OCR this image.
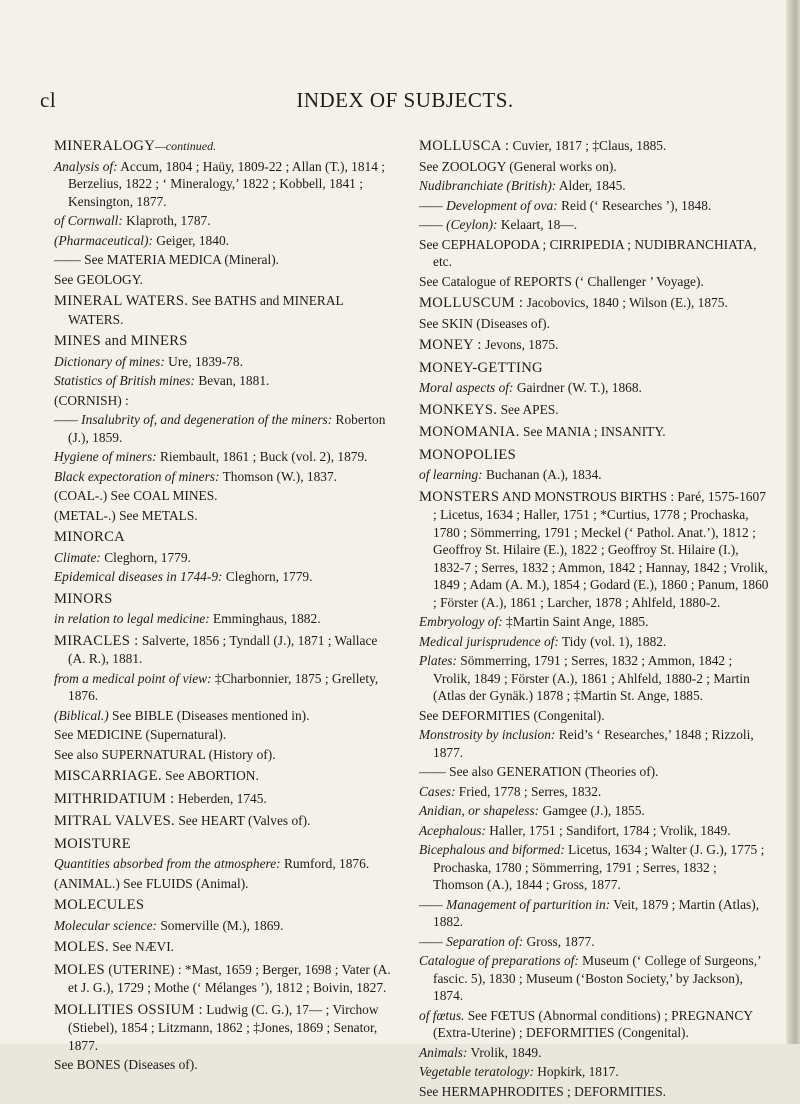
cl	INDEX OF SUBJECTS.
MINERALOGY—continued.
Analysis of: Accum, 1804 ; Haüy, 1809-22 ; Allan (T.), 1814 ; Berzelius, 1822 ; ‘ Mineralogy,’ 1822 ; Kobbell, 1841 ; Kensington, 1877.
of Cornwall: Klaproth, 1787.
(Pharmaceutical): Geiger, 1840.
—— See MATERIA MEDICA (Mineral).
See GEOLOGY.
MINERAL WATERS. See BATHS and MINERAL WATERS.
MINES and MINERS
Dictionary of mines: Ure, 1839-78.
Statistics of British mines: Bevan, 1881.
(CORNISH) :
—— Insalubrity of, and degeneration of the miners: Roberton (J.), 1859.
Hygiene of miners: Riembault, 1861 ; Buck (vol. 2), 1879.
Black expectoration of miners: Thomson (W.), 1837.
(COAL-.) See COAL MINES.
(METAL-.) See METALS.
MINORCA
Climate: Cleghorn, 1779.
Epidemical diseases in 1744-9: Cleghorn, 1779.
MINORS
in relation to legal medicine: Emminghaus, 1882.
MIRACLES : Salverte, 1856 ; Tyndall (J.), 1871 ; Wallace (A. R.), 1881.
from a medical point of view: ‡Charbonnier, 1875 ; Grellety, 1876.
(Biblical.) See BIBLE (Diseases mentioned in).
See MEDICINE (Supernatural).
See also SUPERNATURAL (History of).
MISCARRIAGE. See ABORTION.
MITHRIDATIUM : Heberden, 1745.
MITRAL VALVES. See HEART (Valves of).
MOISTURE
Quantities absorbed from the atmosphere: Rumford, 1876.
(ANIMAL.) See FLUIDS (Animal).
MOLECULES
Molecular science: Somerville (M.), 1869.
MOLES. See NÆVI.
MOLES (UTERINE) : *Mast, 1659 ; Berger, 1698 ; Vater (A. et J. G.), 1729 ; Mothe (‘ Mélanges ’), 1812 ; Boivin, 1827.
MOLLITIES OSSIUM : Ludwig (C. G.), 17— ; Virchow (Stiebel), 1854 ; Litzmann, 1862 ; ‡Jones, 1869 ; Senator, 1877.
See BONES (Diseases of).
MOLLUSCA : Cuvier, 1817 ; ‡Claus, 1885.
See ZOOLOGY (General works on).
Nudibranchiate (British): Alder, 1845.
—— Development of ova: Reid (‘ Researches ’), 1848.
—— (Ceylon): Kelaart, 18—.
See CEPHALOPODA ; CIRRIPEDIA ; NUDIBRANCHIATA, etc.
See Catalogue of REPORTS (‘ Challenger ’ Voyage).
MOLLUSCUM : Jacobovics, 1840 ; Wilson (E.), 1875.
See SKIN (Diseases of).
MONEY : Jevons, 1875.
MONEY-GETTING
Moral aspects of: Gairdner (W. T.), 1868.
MONKEYS. See APES.
MONOMANIA. See MANIA ; INSANITY.
MONOPOLIES
of learning: Buchanan (A.), 1834.
MONSTERS AND MONSTROUS BIRTHS : Paré, 1575-1607 ; Licetus, 1634 ; Haller, 1751 ; *Curtius, 1778 ; Prochaska, 1780 ; Sömmerring, 1791 ; Meckel (‘ Pathol. Anat.’), 1812 ; Geoffroy St. Hilaire (E.), 1822 ; Geoffroy St. Hilaire (I.), 1832-7 ; Serres, 1832 ; Ammon, 1842 ; Hannay, 1842 ; Vrolik, 1849 ; Adam (A. M.), 1854 ; Godard (E.), 1860 ; Panum, 1860 ; Förster (A.), 1861 ; Larcher, 1878 ; Ahlfeld, 1880-2.
Embryology of: ‡Martin Saint Ange, 1885.
Medical jurisprudence of: Tidy (vol. 1), 1882.
Plates: Sömmerring, 1791 ; Serres, 1832 ; Ammon, 1842 ; Vrolik, 1849 ; Förster (A.), 1861 ; Ahlfeld, 1880-2 ; Martin (Atlas der Gynäk.) 1878 ; ‡Martin St. Ange, 1885.
See DEFORMITIES (Congenital).
Monstrosity by inclusion: Reid’s ‘ Researches,’ 1848 ; Rizzoli, 1877.
—— See also GENERATION (Theories of).
Cases: Fried, 1778 ; Serres, 1832.
Anidian, or shapeless: Gamgee (J.), 1855.
Acephalous: Haller, 1751 ; Sandifort, 1784 ; Vrolik, 1849.
Bicephalous and biformed: Licetus, 1634 ; Walter (J. G.), 1775 ; Prochaska, 1780 ; Sömmerring, 1791 ; Serres, 1832 ; Thomson (A.), 1844 ; Gross, 1877.
—— Management of parturition in: Veit, 1879 ; Martin (Atlas), 1882.
—— Separation of: Gross, 1877.
Catalogue of preparations of: Museum (‘ College of Surgeons,’ fascic. 5), 1830 ; Museum (‘Boston Society,’ by Jackson), 1874.
of fœtus. See FŒTUS (Abnormal conditions) ; PREGNANCY (Extra-Uterine) ; DEFORMITIES (Congenital).
Animals: Vrolik, 1849.
Vegetable teratology: Hopkirk, 1817.
See HERMAPHRODITES ; DEFORMITIES.
